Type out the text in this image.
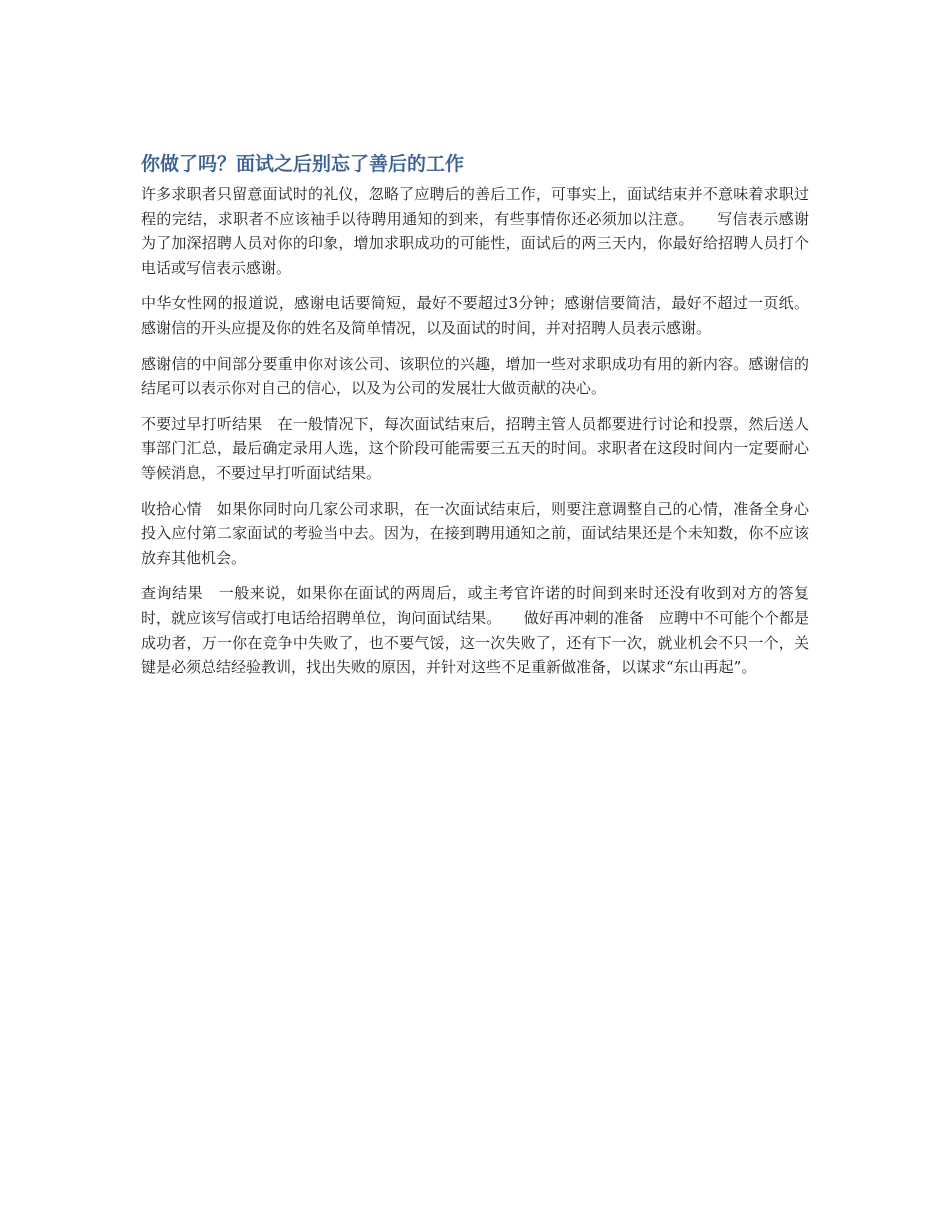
你做了吗？面试之后别忘了善后的工作

许多求职者只留意面试时的礼仪，忽略了应聘后的善后工作，可事实上，面试结束并不意味着求职过程的完结，求职者不应该袖手以待聘用通知的到来，有些事情你还必须加以注意。　　写信表示感谢　为了加深招聘人员对你的印象，增加求职成功的可能性，面试后的两三天内，你最好给招聘人员打个电话或写信表示感谢。

中华女性网的报道说，感谢电话要简短，最好不要超过3分钟；感谢信要简洁，最好不超过一页纸。感谢信的开头应提及你的姓名及简单情况，以及面试的时间，并对招聘人员表示感谢。

感谢信的中间部分要重申你对该公司、该职位的兴趣，增加一些对求职成功有用的新内容。感谢信的结尾可以表示你对自己的信心，以及为公司的发展壮大做贡献的决心。

不要过早打听结果　在一般情况下，每次面试结束后，招聘主管人员都要进行讨论和投票，然后送人事部门汇总，最后确定录用人选，这个阶段可能需要三五天的时间。求职者在这段时间内一定要耐心等候消息，不要过早打听面试结果。

收拾心情　如果你同时向几家公司求职，在一次面试结束后，则要注意调整自己的心情，准备全身心投入应付第二家面试的考验当中去。因为，在接到聘用通知之前，面试结果还是个未知数，你不应该放弃其他机会。

查询结果　一般来说，如果你在面试的两周后，或主考官许诺的时间到来时还没有收到对方的答复时，就应该写信或打电话给招聘单位，询问面试结果。　　做好再冲刺的准备　应聘中不可能个个都是成功者，万一你在竞争中失败了，也不要气馁，这一次失败了，还有下一次，就业机会不只一个，关键是必须总结经验教训，找出失败的原因，并针对这些不足重新做准备，以谋求“东山再起”。
